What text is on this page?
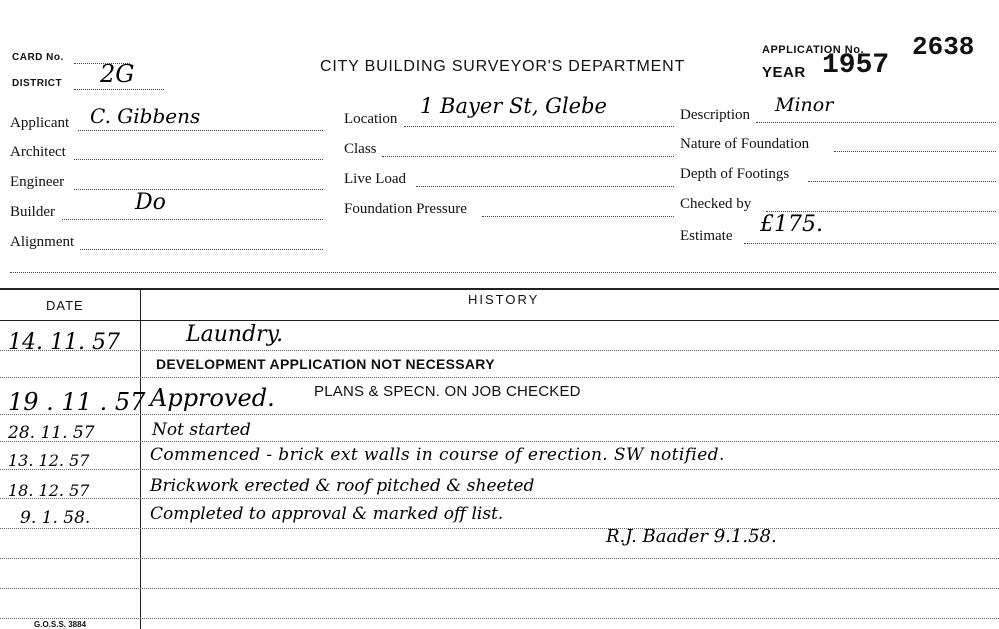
CARD No.
DISTRICT 2G	CITY BUILDING SURVEYOR'S DEPARTMENT
APPLICATION No. 2638
YEAR 1957
Applicant C. Gibbens
Architect
Engineer
Builder	Do
Alignment
Location
1 Bayer St, Glebe
Class
Live Load
Foundation Pressure
Description Minor
Nature of Foundation
Depth of Footings
Checked by
Estimate £175.
DATE	HISTORY
14. 11. 57	Laundry.
DEVELOPMENT APPLICATION NOT NECESSARY
19 . 11 . 57 Approved.	PLANS & SPECN. ON JOB CHECKED
28. 11. 57	Not started
13. 12. 57	Commenced - brick ext walls in course of erection. SW notified.
18. 12. 57	Brickwork erected & roof pitched & sheeted
9. 1. 58.	Completed to approval & marked off list.
R.J. Baader 9.1.58.
G.O.S.S. 3884
